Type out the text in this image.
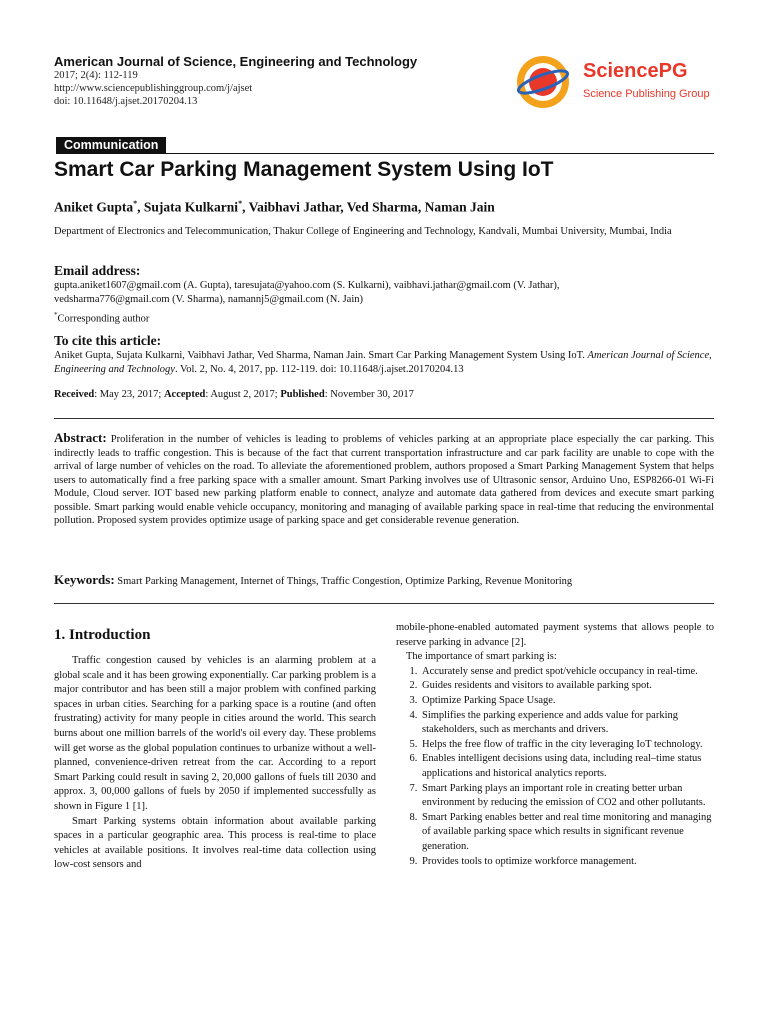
American Journal of Science, Engineering and Technology
2017; 2(4): 112-119
http://www.sciencepublishinggroup.com/j/ajset
doi: 10.11648/j.ajset.20170204.13
SciencePG
Science Publishing Group
Communication
Smart Car Parking Management System Using IoT
Aniket Gupta*, Sujata Kulkarni*, Vaibhavi Jathar, Ved Sharma, Naman Jain
Department of Electronics and Telecommunication, Thakur College of Engineering and Technology, Kandvali, Mumbai University, Mumbai, India
Email address:
gupta.aniket1607@gmail.com (A. Gupta), taresujata@yahoo.com (S. Kulkarni), vaibhavi.jathar@gmail.com (V. Jathar),
vedsharma776@gmail.com (V. Sharma), namannj5@gmail.com (N. Jain)
*Corresponding author
To cite this article:
Aniket Gupta, Sujata Kulkarni, Vaibhavi Jathar, Ved Sharma, Naman Jain. Smart Car Parking Management System Using IoT. American Journal of Science, Engineering and Technology. Vol. 2, No. 4, 2017, pp. 112-119. doi: 10.11648/j.ajset.20170204.13
Received: May 23, 2017; Accepted: August 2, 2017; Published: November 30, 2017
Abstract: Proliferation in the number of vehicles is leading to problems of vehicles parking at an appropriate place especially the car parking. This indirectly leads to traffic congestion. This is because of the fact that current transportation infrastructure and car park facility are unable to cope with the arrival of large number of vehicles on the road. To alleviate the aforementioned problem, authors proposed a Smart Parking Management System that helps users to automatically find a free parking space with a smaller amount. Smart Parking involves use of Ultrasonic sensor, Arduino Uno, ESP8266-01 Wi-Fi Module, Cloud server. IOT based new parking platform enable to connect, analyze and automate data gathered from devices and execute smart parking possible. Smart parking would enable vehicle occupancy, monitoring and managing of available parking space in real-time that reducing the environmental pollution. Proposed system provides optimize usage of parking space and get considerable revenue generation.
Keywords: Smart Parking Management, Internet of Things, Traffic Congestion, Optimize Parking, Revenue Monitoring
1. Introduction

Traffic congestion caused by vehicles is an alarming problem at a global scale and it has been growing exponentially. Car parking problem is a major contributor and has been still a major problem with confined parking spaces in urban cities. Searching for a parking space is a routine (and often frustrating) activity for many people in cities around the world. This search burns about one million barrels of the world's oil every day. These problems will get worse as the global population continues to urbanize without a well-planned, convenience-driven retreat from the car. According to a report Smart Parking could result in saving 2, 20,000 gallons of fuels till 2030 and approx. 3, 00,000 gallons of fuels by 2050 if implemented successfully as shown in Figure 1 [1].

Smart Parking systems obtain information about available parking spaces in a particular geographic area. This process is real-time to place vehicles at available positions. It involves real-time data collection using low-cost sensors and

mobile-phone-enabled automated payment systems that allows people to reserve parking in advance [2].

The importance of smart parking is:

1. Accurately sense and predict spot/vehicle occupancy in real-time.
2. Guides residents and visitors to available parking spot.
3. Optimize Parking Space Usage.
4. Simplifies the parking experience and adds value for parking stakeholders, such as merchants and drivers.
5. Helps the free flow of traffic in the city leveraging IoT technology.
6. Enables intelligent decisions using data, including real–time status applications and historical analytics reports.
7. Smart Parking plays an important role in creating better urban environment by reducing the emission of CO2 and other pollutants.
8. Smart Parking enables better and real time monitoring and managing of available parking space which results in significant revenue generation.
9. Provides tools to optimize workforce management.
